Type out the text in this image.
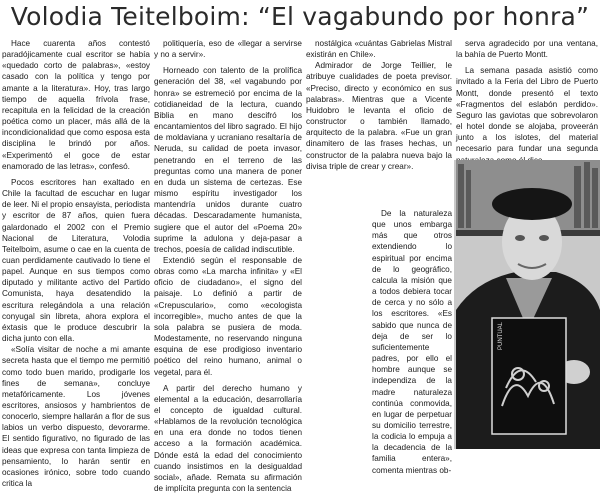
Volodia Teitelboim: “El vagabundo por honra”

Hace cuarenta años contestó paradójicamente cual escritor se había «quedado corto de palabras», «estoy casado con la política y tengo por amante a la literatura». Hoy, tras largo tiempo de aquella frívola frase, recapitula en la felicidad de la creación poética como un placer, más allá de la incondicionalidad que como esposa esta disciplina le brindó por años. «Experimentó el goce de estar enamorado de las letras», confesó.

Pocos escritores han exaltado en Chile la facultad de escuchar en lugar de leer. Ni el propio ensayista, periodista y escritor de 87 años, quien fuera galardonado el 2002 con el Premio Nacional de Literatura, Volodia Teitelboim, asume o cae en la cuenta de cuan perdidamente cautivado lo tiene el papel. Aunque en sus tiempos como diputado y militante activo del Partido Comunista, haya desatendido la escritura relegándola a una relación conyugal sin libreta, ahora explora el éxtasis que le produce descubrir la dicha junto con ella.

«Solía visitar de noche a mi amante secreta hasta que el tiempo me permitió como todo buen marido, prodigarle los fines de semana», concluye metafóricamente. Los jóvenes escritores, ansiosos y hambrientos de conocerlo, siempre hallarán a flor de sus labios un verbo dispuesto, devorarme. El sentido figurativo, no figurado de las ideas que expresa con tanta limpieza de pensamiento, lo harán sentir en ocasiones irónico, sobre todo cuando critica la

politiquería, eso de «llegar a servirse y no a servir».

Horneado con talento de la prolífica generación del 38, «el vagabundo por honra» se estremeció por encima de la cotidianeidad de la lectura, cuando Biblia en mano descifró los encantamientos del libro sagrado. El hijo de moldaviana y ucraniano resaltaría de Neruda, su calidad de poeta invasor, penetrando en el terreno de las preguntas como una manera de poner en duda un sistema de certezas. Ese mismo espíritu investigador los mantendría unidos durante cuatro décadas. Descaradamente humanista, sugiere que el autor del «Poema 20» suprime la adulona y deja-pasar a trechos, poesía de calidad indiscutible.

Extendió según el responsable de obras como «La marcha infinita» y «El oficio de ciudadano», el signo del paisaje. Lo definió a partir de «Crepusculario», como «ecologista incorregible», mucho antes de que la sola palabra se pusiera de moda. Modestamente, no reservando ninguna esquina de ese prodigioso inventario poético del reino humano, animal o vegetal, para él.

A partir del derecho humano y elemental a la educación, desarrollaría el concepto de igualdad cultural. «Hablamos de la revolución tecnológica en una era donde no todos tienen acceso a la formación académica. Dónde está la edad del conocimiento cuando insistimos en la desigualdad social», añade. Remata su afirmación de implícita pregunta con la sentencia

nostálgica «cuántas Gabrielas Mistral existirán en Chile».

Admirador de Jorge Teillier, le atribuye cualidades de poeta previsor. «Preciso, directo y económico en sus palabras». Mientras que a Vicente Huidobro le levanta el oficio de constructor o también llamado, arquitecto de la palabra. «Fue un gran dinamitero de las frases hechas, un constructor de la palabra nueva bajo la divisa triple de crear y crear».

serva agradecido por una ventana, la bahía de Puerto Montt.

La semana pasada asistió como invitado a la Feria del Libro de Puerto Montt, donde presentó el texto «Fragmentos del eslabón perdido». Seguro las gaviotas que sobrevolaron el hotel donde se alojaba, proveerán junto a los islotes, del material necesario para fundar una segunda

De la naturaleza que unos embarga más que otros extendiendo lo espiritual por encima de lo geográfico, calcula la misión que a todos debiera tocar de cerca y no sólo a los escritores. «Es sabido que nunca de deja de ser lo suficientemente padres, por ello el hombre aunque se independiza de la madre naturaleza continúa conmovida, en lugar de perpetuar su domicilio terrestre, la codicia lo empuja a la decadencia de la familia entera», comenta mientras ob-

PUNTUAL
